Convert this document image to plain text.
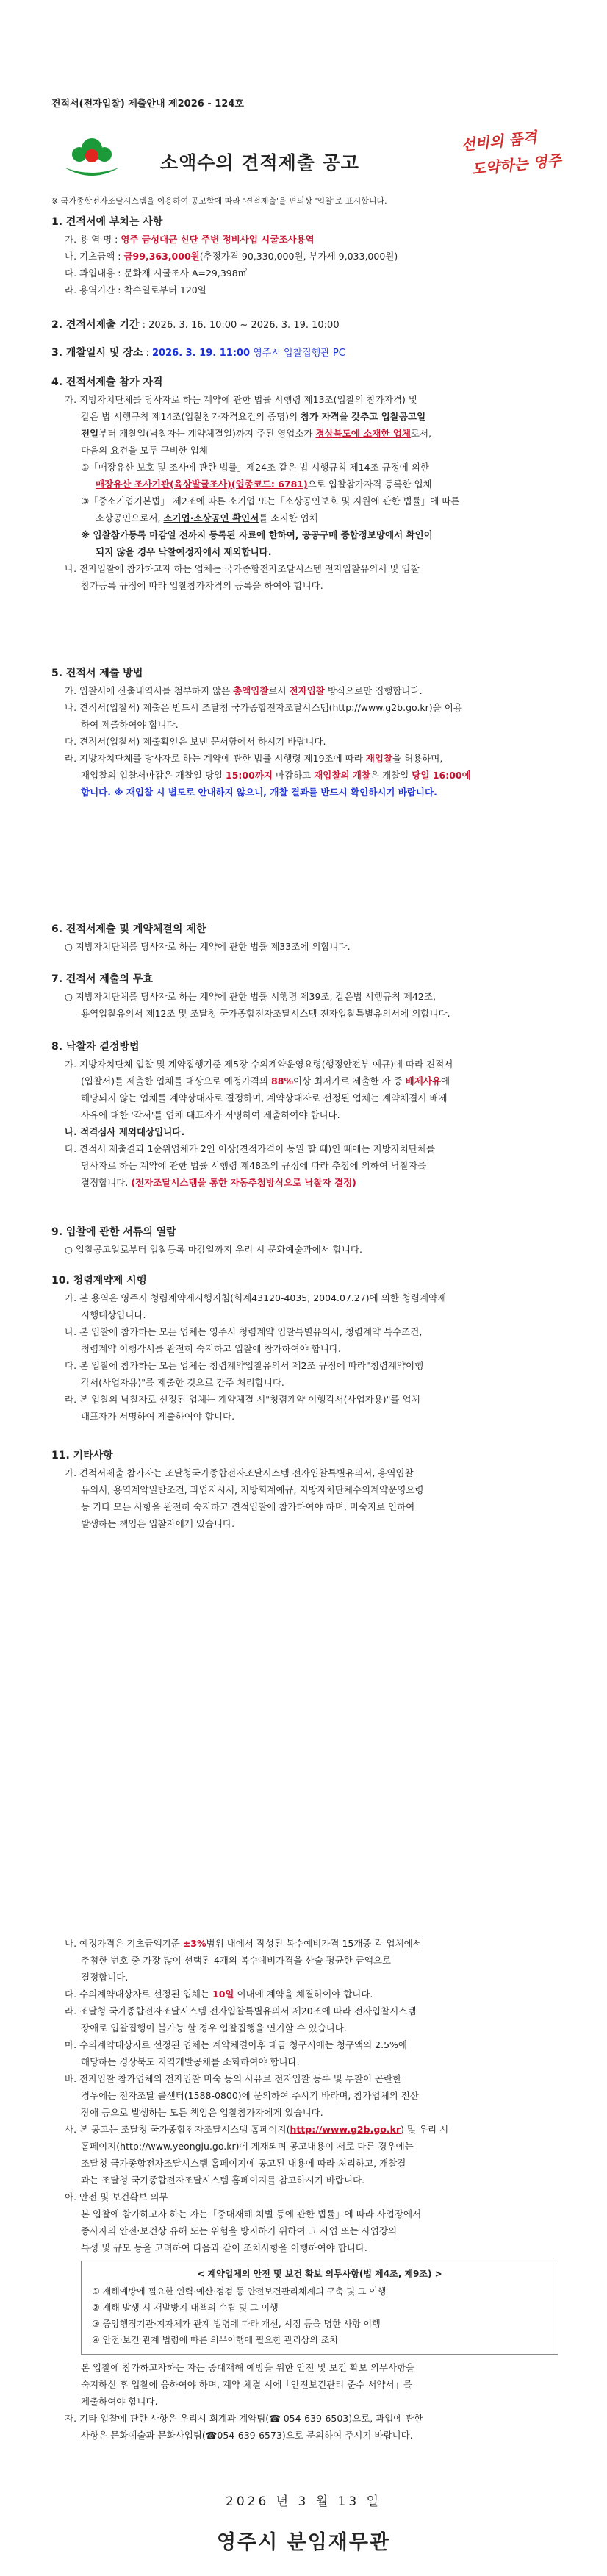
견적서(전자입찰) 제출안내 제2026 - 124호
소액수의 견적제출 공고
선비의 품격
도약하는 영주
※ 국가종합전자조달시스템을 이용하여 공고함에 따라 '견적제출'을 편의상 '입찰'로 표시합니다.
1. 견적서에 부치는 사항
가. 용 역 명 : 영주 금성대군 신단 주변 정비사업 시굴조사용역
나. 기초금액 : 금99,363,000원(추정가격 90,330,000원, 부가세 9,033,000원)
다. 과업내용 : 문화재 시굴조사 A=29,398㎡
라. 용역기간 : 착수일로부터 120일
2. 견적서제출 기간 : 2026. 3. 16. 10:00 ~ 2026. 3. 19. 10:00
3. 개찰일시 및 장소 : 2026. 3. 19. 11:00 영주시 입찰집행관 PC
4. 견적서제출 참가 자격
가. 지방자치단체를 당사자로 하는 계약에 관한 법률 시행령 제13조(입찰의 참가자격) 및
같은 법 시행규칙 제14조(입찰참가자격요건의 증명)의 참가 자격을 갖추고 입찰공고일
전일부터 개찰일(낙찰자는 계약체결일)까지 주된 영업소가 경상북도에 소재한 업체로서,
다음의 요건을 모두 구비한 업체
①「매장유산 보호 및 조사에 관한 법률」제24조 같은 법 시행규칙 제14조 규정에 의한
매장유산 조사기관(육상발굴조사)(업종코드: 6781)으로 입찰참가자격 등록한 업체
③「중소기업기본법」 제2조에 따른 소기업 또는「소상공인보호 및 지원에 관한 법률」에 따른
소상공인으로서, 소기업·소상공인 확인서를 소지한 업체
※ 입찰참가등록 마감일 전까지 등록된 자료에 한하여, 공공구매 종합정보망에서 확인이
되지 않을 경우 낙찰예정자에서 제외합니다.
나. 전자입찰에 참가하고자 하는 업체는 국가종합전자조달시스템 전자입찰유의서 및 입찰
참가등록 규정에 따라 입찰참가자격의 등록을 하여야 합니다.
5. 견적서 제출 방법
가. 입찰서에 산출내역서를 첨부하지 않은 총액입찰로서 전자입찰 방식으로만 집행합니다.
나. 견적서(입찰서) 제출은 반드시 조달청 국가종합전자조달시스템(http://www.g2b.go.kr)을 이용
하여 제출하여야 합니다.
다. 견적서(입찰서) 제출확인은 보낸 문서함에서 하시기 바랍니다.
라. 지방자치단체를 당사자로 하는 계약에 관한 법률 시행령 제19조에 따라 재입찰을 허용하며,
재입찰의 입찰서마감은 개찰일 당일 15:00까지 마감하고 재입찰의 개찰은 개찰일 당일 16:00에
합니다. ※ 재입찰 시 별도로 안내하지 않으니, 개찰 결과를 반드시 확인하시기 바랍니다.
6. 견적서제출 및 계약체결의 제한
○ 지방자치단체를 당사자로 하는 계약에 관한 법률 제33조에 의합니다.
7. 견적서 제출의 무효
○ 지방자치단체를 당사자로 하는 계약에 관한 법률 시행령 제39조, 같은법 시행규칙 제42조,
용역입찰유의서 제12조 및 조달청 국가종합전자조달시스템 전자입찰특별유의서에 의합니다.
8. 낙찰자 결정방법
가. 지방자치단체 입찰 및 계약집행기준 제5장 수의계약운영요령(행정안전부 예규)에 따라 견적서
(입찰서)를 제출한 업체를 대상으로 예정가격의 88%이상 최저가로 제출한 자 중 배제사유에
해당되지 않는 업체를 계약상대자로 결정하며, 계약상대자로 선정된 업체는 계약체결시 배제
사유에 대한 '각서'를 업체 대표자가 서명하여 제출하여야 합니다.
나. 적격심사 제외대상입니다.
다. 견적서 제출결과 1순위업체가 2인 이상(견적가격이 동일 할 때)인 때에는 지방자치단체를
당사자로 하는 계약에 관한 법률 시행령 제48조의 규정에 따라 추첨에 의하여 낙찰자를
결정합니다. (전자조달시스템을 통한 자동추첨방식으로 낙찰자 결정)
9. 입찰에 관한 서류의 열람
○ 입찰공고일로부터 입찰등록 마감일까지 우리 시 문화예술과에서 합니다.
10. 청렴계약제 시행
가. 본 용역은 영주시 청렴계약제시행지침(회계43120-4035, 2004.07.27)에 의한 청렴계약제
시행대상입니다.
나. 본 입찰에 참가하는 모든 업체는 영주시 청렴계약 입찰특별유의서, 청렴계약 특수조건,
청렴계약 이행각서를 완전히 숙지하고 입찰에 참가하여야 합니다.
다. 본 입찰에 참가하는 모든 업체는 청렴계약입찰유의서 제2조 규정에 따라"청렴계약이행
각서(사업자용)"를 제출한 것으로 간주 처리합니다.
라. 본 입찰의 낙찰자로 선정된 업체는 계약체결 시"청렴계약 이행각서(사업자용)"를 업체
대표자가 서명하여 제출하여야 합니다.
11. 기타사항
가. 견적서제출 참가자는 조달청국가종합전자조달시스템 전자입찰특별유의서, 용역입찰
유의서, 용역계약일반조건, 과업지시서, 지방회계예규, 지방자치단체수의계약운영요령
등 기타 모든 사항을 완전히 숙지하고 견적입찰에 참가하여야 하며, 미숙지로 인하여
발생하는 책임은 입찰자에게 있습니다.
나. 예정가격은 기초금액기준 ±3%범위 내에서 작성된 복수예비가격 15개중 각 업체에서
추첨한 번호 중 가장 많이 선택된 4개의 복수예비가격을 산술 평균한 금액으로
결정합니다.
다. 수의계약대상자로 선정된 업체는 10일 이내에 계약을 체결하여야 합니다.
라. 조달청 국가종합전자조달시스템 전자입찰특별유의서 제20조에 따라 전자입찰시스템
장애로 입찰집행이 불가능 할 경우 입찰집행을 연기할 수 있습니다.
마. 수의계약대상자로 선정된 업체는 계약체결이후 대금 청구시에는 청구액의 2.5%에
해당하는 경상북도 지역개발공채를 소화하여야 합니다.
바. 전자입찰 참가업체의 전자입찰 미숙 등의 사유로 전자입찰 등록 및 투찰이 곤란한
경우에는 전자조달 콜센터(1588-0800)에 문의하여 주시기 바라며, 참가업체의 전산
장애 등으로 발생하는 모든 책임은 입찰참가자에게 있습니다.
사. 본 공고는 조달청 국가종합전자조달시스템 홈페이지(http://www.g2b.go.kr) 및 우리 시
홈페이지(http://www.yeongju.go.kr)에 게재되며 공고내용이 서로 다른 경우에는
조달청 국가종합전자조달시스템 홈페이지에 공고된 내용에 따라 처리하고, 개찰결
과는 조달청 국가종합전자조달시스템 홈페이지를 참고하시기 바랍니다.
아. 안전 및 보건확보 의무
본 입찰에 참가하고자 하는 자는「중대재해 처벌 등에 관한 법률」에 따라 사업장에서
종사자의 안전·보건상 유해 또는 위험을 방지하기 위하여 그 사업 또는 사업장의
특성 및 규모 등을 고려하여 다음과 같이 조치사항을 이행하여야 합니다.
< 계약업체의 안전 및 보건 확보 의무사항(법 제4조, 제9조) >
① 재해예방에 필요한 인력·예산·점검 등 안전보건관리체계의 구축 및 그 이행
② 재해 발생 시 재발방지 대책의 수립 및 그 이행
③ 중앙행정기관·지자체가 관계 법령에 따라 개선, 시정 등을 명한 사항 이행
④ 안전·보건 관계 법령에 따른 의무이행에 필요한 관리상의 조치
본 입찰에 참가하고자하는 자는 중대재해 예방을 위한 안전 및 보건 확보 의무사항을
숙지하신 후 입찰에 응하여야 하며, 계약 체결 시에「안전보건관리 준수 서약서」를
제출하여야 합니다.
자. 기타 입찰에 관한 사항은 우리시 회계과 계약팀(☎ 054-639-6503)으로, 과업에 관한
사항은 문화예술과 문화사업팀(☎054-639-6573)으로 문의하여 주시기 바랍니다.
2026 년 3 월 13 일
영주시 분임재무관
